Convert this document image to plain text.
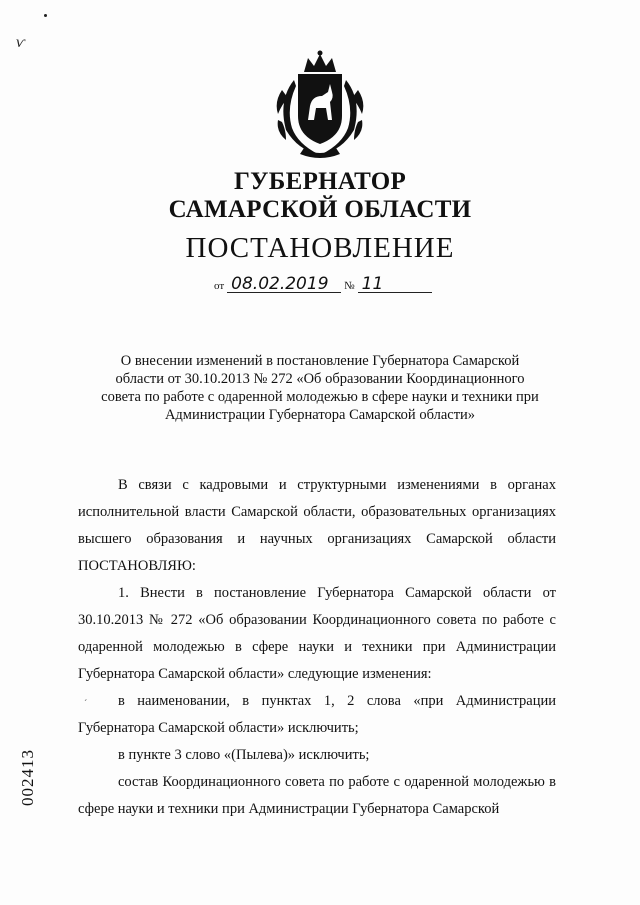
ѵ
ГУБЕРНАТОР
САМАРСКОЙ ОБЛАСТИ
ПОСТАНОВЛЕНИЕ
от 08.02.2019 № 11
О внесении изменений в постановление Губернатора Самарской области от 30.10.2013 № 272 «Об образовании Координационного совета по работе с одаренной молодежью в сфере науки и техники при Администрации Губернатора Самарской области»

В связи с кадровыми и структурными изменениями в органах исполнительной власти Самарской области, образовательных организациях высшего образования и научных организациях Самарской области ПОСТАНОВЛЯЮ:

1. Внести в постановление Губернатора Самарской области от 30.10.2013 № 272 «Об образовании Координационного совета по работе с одаренной молодежью в сфере науки и техники при Администрации Губернатора Самарской области» следующие изменения:

в наименовании, в пунктах 1, 2 слова «при Администрации Губернатора Самарской области» исключить;

в пункте 3 слово «(Пылева)» исключить;

состав Координационного совета по работе с одаренной молодежью в сфере науки и техники при Администрации Губернатора Самарской

ˊ
002413
